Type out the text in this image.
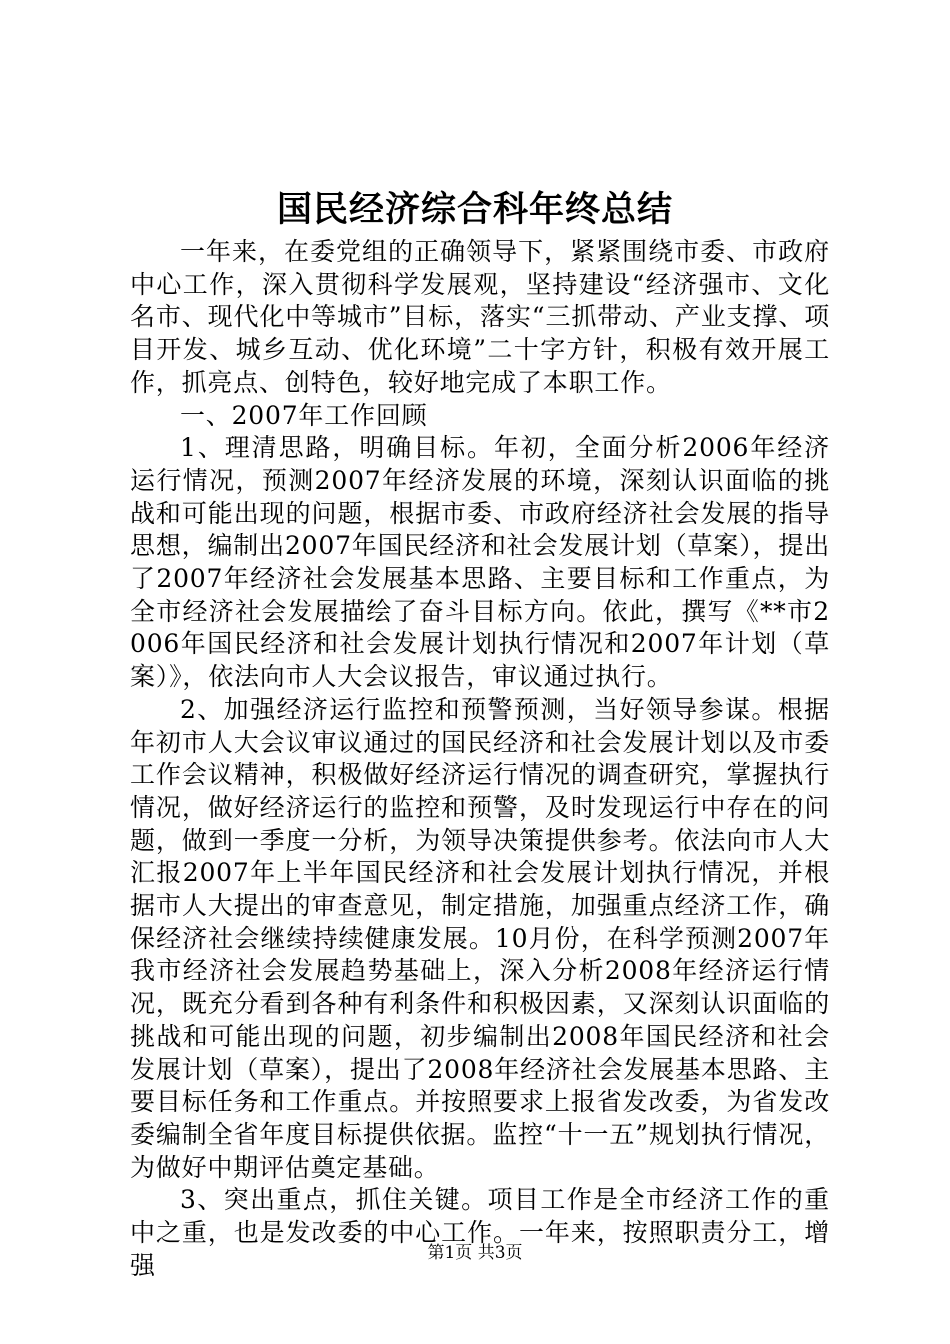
国民经济综合科年终总结

一年来，在委党组的正确领导下，紧紧围绕市委、市政府中心工作，深入贯彻科学发展观，坚持建设“经济强市、文化名市、现代化中等城市”目标，落实“三抓带动、产业支撑、项目开发、城乡互动、优化环境”二十字方针，积极有效开展工作，抓亮点、创特色，较好地完成了本职工作。

一、2007年工作回顾

1、理清思路，明确目标。年初，全面分析2006年经济运行情况，预测2007年经济发展的环境，深刻认识面临的挑战和可能出现的问题，根据市委、市政府经济社会发展的指导思想，编制出2007年国民经济和社会发展计划（草案），提出了2007年经济社会发展基本思路、主要目标和工作重点，为全市经济社会发展描绘了奋斗目标方向。依此，撰写《**市2006年国民经济和社会发展计划执行情况和2007年计划（草案）》，依法向市人大会议报告，审议通过执行。

2、加强经济运行监控和预警预测，当好领导参谋。根据年初市人大会议审议通过的国民经济和社会发展计划以及市委工作会议精神，积极做好经济运行情况的调查研究，掌握执行情况，做好经济运行的监控和预警，及时发现运行中存在的问题，做到一季度一分析，为领导决策提供参考。依法向市人大汇报2007年上半年国民经济和社会发展计划执行情况，并根据市人大提出的审查意见，制定措施，加强重点经济工作，确保经济社会继续持续健康发展。10月份，在科学预测2007年我市经济社会发展趋势基础上，深入分析2008年经济运行情况，既充分看到各种有利条件和积极因素，又深刻认识面临的挑战和可能出现的问题，初步编制出2008年国民经济和社会发展计划（草案），提出了2008年经济社会发展基本思路、主要目标任务和工作重点。并按照要求上报省发改委，为省发改委编制全省年度目标提供依据。监控“十一五”规划执行情况，为做好中期评估奠定基础。

3、突出重点，抓住关键。项目工作是全市经济工作的重中之重，也是发改委的中心工作。一年来，按照职责分工，增强	第1页 共3页
